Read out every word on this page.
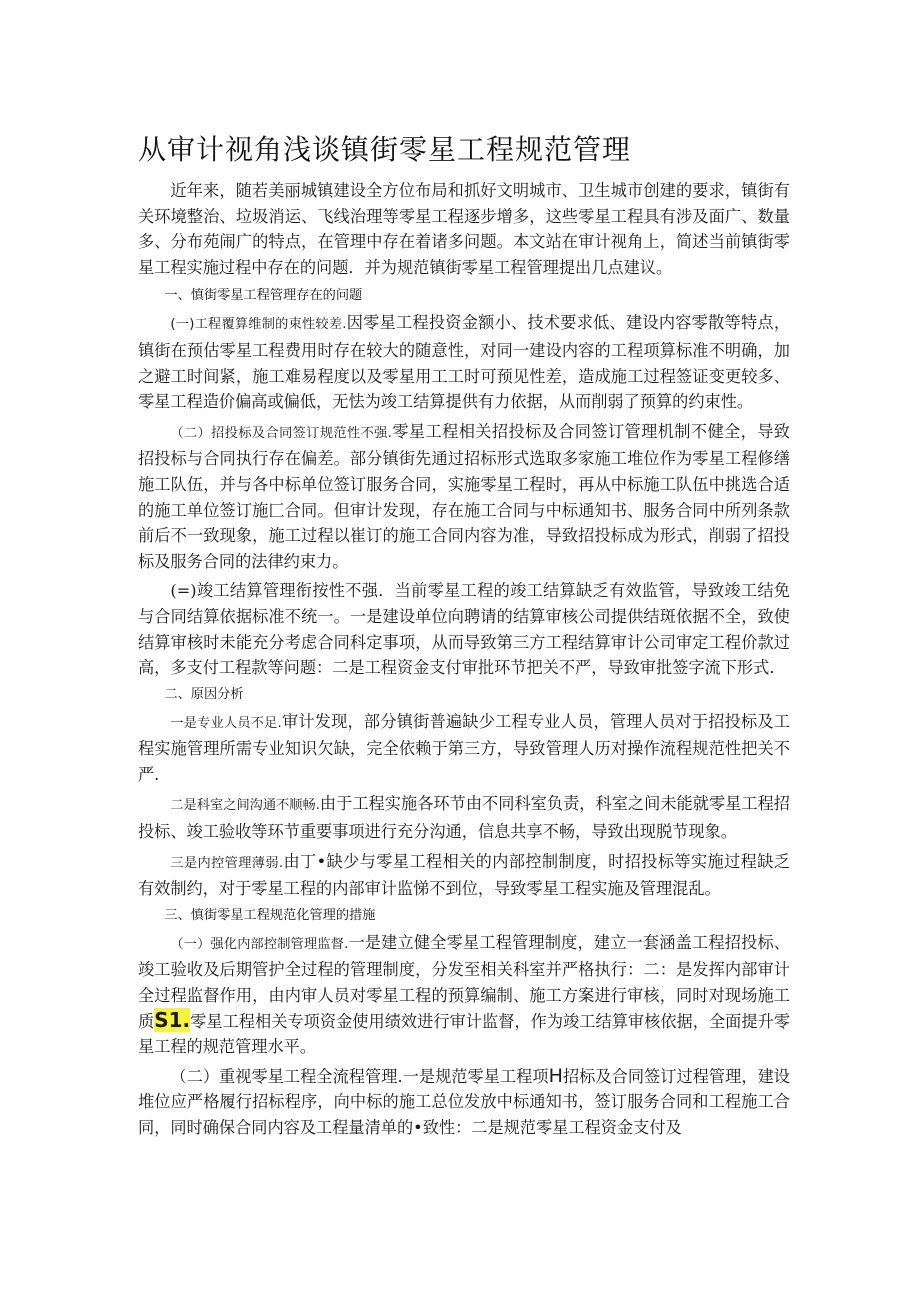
从审计视角浅谈镇街零星工程规范管理

近年来，随若美丽城镇建设全方位布局和抓好文明城市、卫生城市创建的要求，镇街有关环境整治、垃圾消运、飞线治理等零星工程逐步增多，这些零星工程具有涉及面广、数量多、分布苑闹广的特点，在管理中存在着诸多问题。本文站在审计视角上，简述当前镇街零星工程实施过程中存在的问题．并为规范镇街零星工程管理提出几点建议。

一、慎街零星工程管理存在的问题

(一)工程覆算维制的束性较差.因零星工程投资金额小、技术要求低、建设内容零散等特点，镇街在预估零星工程费用时存在较大的随意性，对同一建设内容的工程项算标准不明确，加之避工时间紧，施工难易程度以及零星用工工时可预见性差，造成施工过程签证变更较多、零星工程造价偏高或偏低，无怯为竣工结算提供有力依据，从而削弱了预算的约束性。

（二）招投标及合同签订规范性不强.零星工程相关招投标及合同签订管理机制不健全，导致招投标与合同执行存在偏差。部分镇街先通过招标形式选取多家施工堆位作为零星工程修缮施工队伍，并与各中标单位签订服务合同，实施零星工程时，再从中标施工队伍中挑选合适的施工单位签订施匚合同。但审计发现，存在施工合同与中标通知书、服务合同中所列条款前后不一致现象，施工过程以崔订的施工合同内容为准，导致招投标成为形式，削弱了招投标及服务合同的法律约束力。

(=)竣工结算管理衔按性不强．当前零星工程的竣工结算缺乏有效监管，导致竣工结免与合同结算依据标准不统一。一是建设单位向聘请的结算审核公司提供结斑依据不全，致使结算审核时未能充分考虑合同科定事项，从而导致第三方工程结算审计公司审定工程价款过高，多支付工程款等问题：二是工程资金支付审批环节把关不严，导致审批签字流下形式.

二、原因分析

一是专业人员不足.审计发现，部分镇街普遍缺少工程专业人员，管理人员对于招投标及工程实施管理所需专业知识欠缺，完全依赖于第三方，导致管理人历对操作流程规范性把关不严.

二是科室之间沟通不顺畅.由于工程实施各环节由不同科室负责，科室之间未能就零星工程招投标、竣工验收等环节重要事项进行充分沟通，信息共享不畅，导致出现脱节现象。

三是内控管理薄弱.由丁•缺少与零星工程相关的内部控制制度，时招投标等实施过程缺乏有效制约，对于零星工程的内部审计监悌不到位，导致零星工程实施及管理混乱。

三、慎街零星工程规范化管理的措施

（一）强化内部控制管理监督.一是建立健全零星工程管理制度，建立一套涵盖工程招投标、竣工验收及后期管护全过程的管理制度，分发至相关科室并严格执行：二：是发挥内部审计全过程监督作用，由内审人员对零星工程的预算编制、施工方案进行审核，同时对现场施工质S1.零星工程相关专项资金使用绩效进行审计监督，作为竣工结算审核依据，全面提升零星工程的规范管理水平。

（二）重视零星工程全流程管理.一是规范零星工程项H招标及合同签订过程管理，建设堆位应严格履行招标程序，向中标的施工总位发放中标通知书，签订服务合同和工程施工合同，同时确保合同内容及工程量清单的•致性：二是规范零星工程资金支付及
